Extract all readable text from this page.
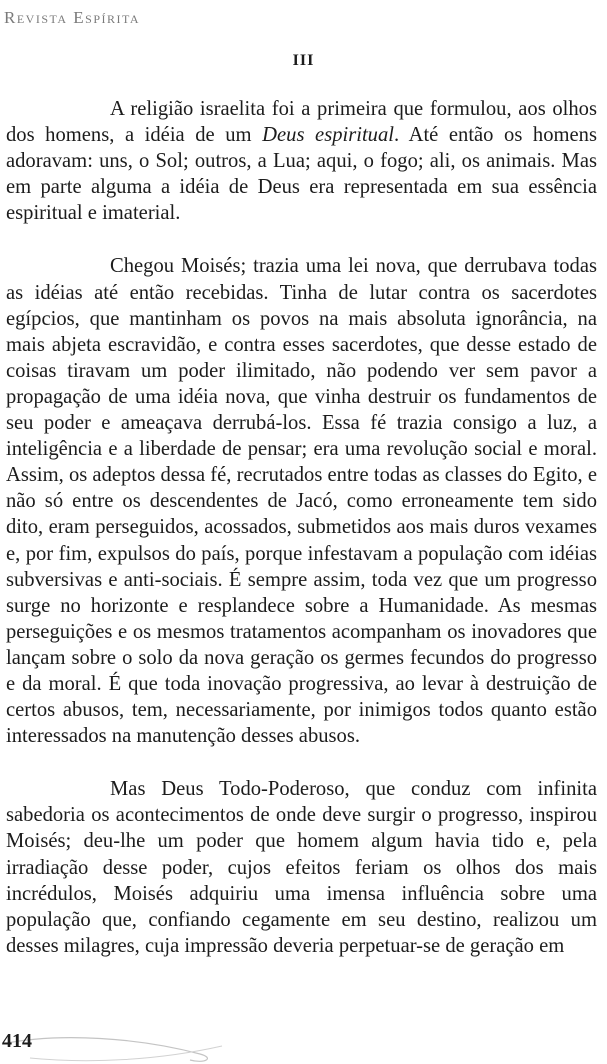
Revista Espírita
III

A religião israelita foi a primeira que formulou, aos olhos dos homens, a idéia de um Deus espiritual. Até então os homens adoravam: uns, o Sol; outros, a Lua; aqui, o fogo; ali, os animais. Mas em parte alguma a idéia de Deus era representada em sua essência espiritual e imaterial.

Chegou Moisés; trazia uma lei nova, que derrubava todas as idéias até então recebidas. Tinha de lutar contra os sacerdotes egípcios, que mantinham os povos na mais absoluta ignorância, na mais abjeta escravidão, e contra esses sacerdotes, que desse estado de coisas tiravam um poder ilimitado, não podendo ver sem pavor a propagação de uma idéia nova, que vinha destruir os fundamentos de seu poder e ameaçava derrubá-los. Essa fé trazia consigo a luz, a inteligência e a liberdade de pensar; era uma revolução social e moral. Assim, os adeptos dessa fé, recrutados entre todas as classes do Egito, e não só entre os descendentes de Jacó, como erroneamente tem sido dito, eram perseguidos, acossados, submetidos aos mais duros vexames e, por fim, expulsos do país, porque infestavam a população com idéias subversivas e anti-sociais. É sempre assim, toda vez que um progresso surge no horizonte e resplandece sobre a Humanidade. As mesmas perseguições e os mesmos tratamentos acompanham os inovadores que lançam sobre o solo da nova geração os germes fecundos do progresso e da moral. É que toda inovação progressiva, ao levar à destruição de certos abusos, tem, necessariamente, por inimigos todos quanto estão interessados na manutenção desses abusos.

Mas Deus Todo-Poderoso, que conduz com infinita sabedoria os acontecimentos de onde deve surgir o progresso, inspirou Moisés; deu-lhe um poder que homem algum havia tido e, pela irradiação desse poder, cujos efeitos feriam os olhos dos mais incrédulos, Moisés adquiriu uma imensa influência sobre uma população que, confiando cegamente em seu destino, realizou um desses milagres, cuja impressão deveria perpetuar-se de geração em

414
